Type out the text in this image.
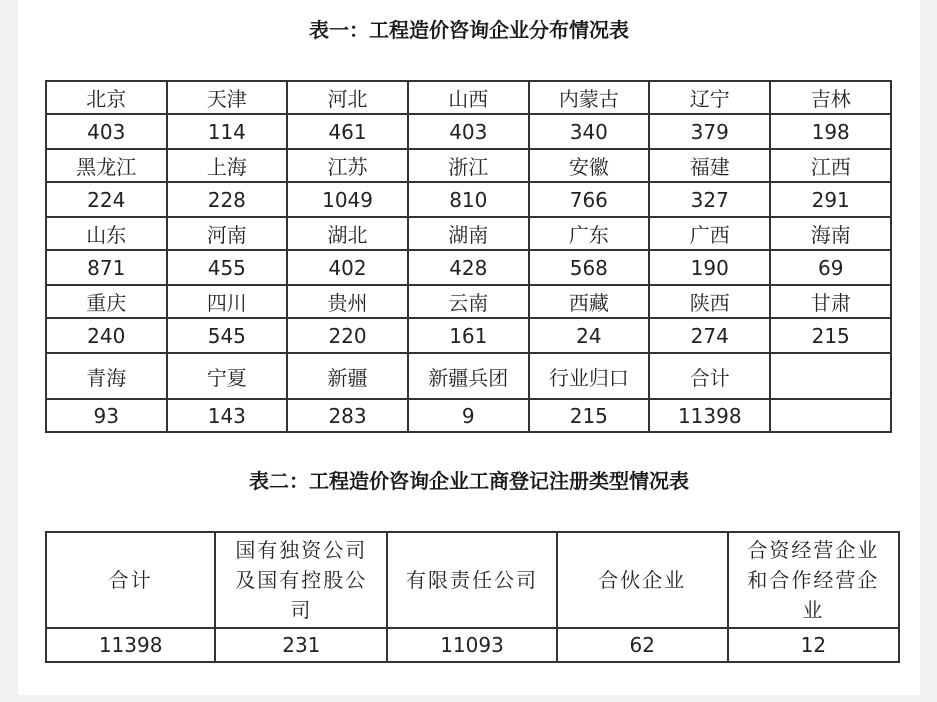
表一：工程造价咨询企业分布情况表
北京	天津	河北	山西	内蒙古	辽宁	吉林
403	114	461	403	340	379	198
黑龙江	上海	江苏	浙江	安徽	福建	江西
224	228	1049	810	766	327	291
山东	河南	湖北	湖南	广东	广西	海南
871	455	402	428	568	190	69
重庆	四川	贵州	云南	西藏	陕西	甘肃
240	545	220	161	24	274	215
青海	宁夏	新疆	新疆兵团	行业归口	合计	
93	143	283	9	215	11398	
表二：工程造价咨询企业工商登记注册类型情况表
合计	国有独资公司及国有控股公司	有限责任公司	合伙企业	合资经营企业和合作经营企业
11398	231	11093	62	12
